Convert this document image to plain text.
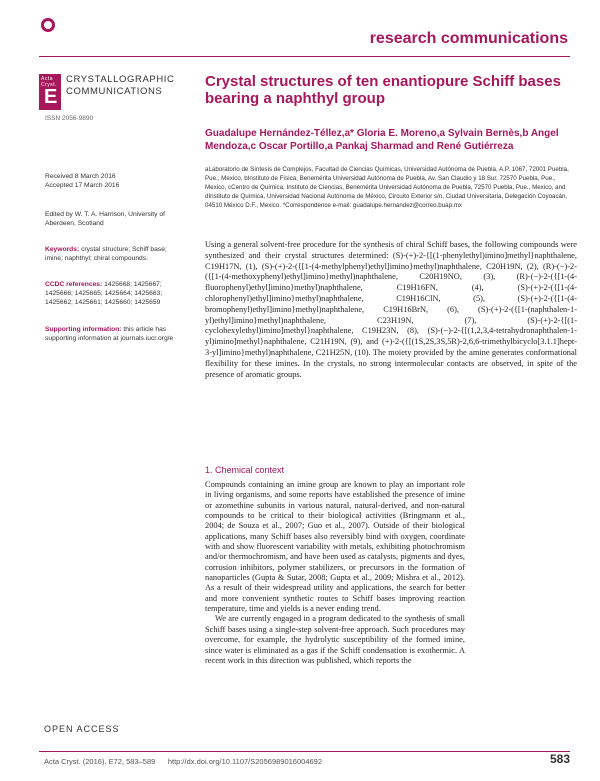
research communications
Acta Cryst.
E
CRYSTALLOGRAPHIC
COMMUNICATIONS
ISSN 2056-9890
Crystal structures of ten enantiopure Schiff bases bearing a naphthyl group
Guadalupe Hernández-Téllez,a* Gloria E. Moreno,a Sylvain Bernès,b Angel Mendoza,c Oscar Portillo,a Pankaj Sharmad and René Gutiérreza
aLaboratorio de Síntesis de Complejos, Facultad de Ciencias Químicas, Universidad Autónoma de Puebla, A.P. 1067, 72001 Puebla, Pue., Mexico, bInstituto de Física, Benemérita Universidad Autónoma de Puebla, Av. San Claudio y 18 Sur, 72570 Puebla, Pue., Mexico, cCentro de Química, Instituto de Ciencias, Benemérita Universidad Autónoma de Puebla, 72570 Puebla, Pue., Mexico, and dInstituto de Química, Universidad Nacional Autónoma de México, Circuito Exterior s/n, Ciudad Universitaria, Delegación Coyoacán, 04510 México D.F., Mexico. *Correspondence e-mail: guadalupe.hernandez@correo.buap.mx
Received 8 March 2016
Accepted 17 March 2016
Edited by W. T. A. Harrison, University of Aberdeen, Scotland
Keywords: crystal structure; Schiff base; imine; naphthyl; chiral compounds.
CCDC references: 1425668; 1425667; 1425666; 1425665; 1425664; 1425663; 1425662; 1425661; 1425660; 1425659
Supporting information: this article has supporting information at journals.iucr.org/e
Using a general solvent-free procedure for the synthesis of chiral Schiff bases, the following compounds were synthesized and their crystal structures determined: (S)-(+)-2-{[(1-phenylethyl)imino]methyl}naphthalene, C19H17N, (1), (S)-(+)-2-({[1-(4-methylphenyl)ethyl]imino}methyl)naphthalene, C20H19N, (2), (R)-(−)-2-({[1-(4-methoxyphenyl)ethyl]imino}methyl)naphthalene, C20H19NO, (3), (R)-(−)-2-({[1-(4-fluorophenyl)ethyl]imino}methyl)naphthalene, C19H16FN, (4), (S)-(+)-2-({[1-(4-chlorophenyl)ethyl]imino}methyl)naphthalene, C19H16ClN, (5), (S)-(+)-2-({[1-(4-bromophenyl)ethyl]imino}methyl)naphthalene, C19H16BrN, (6), (S)-(+)-2-({[1-(naphthalen-1-yl)ethyl]imino}methyl)naphthalene, C23H19N, (7), (S)-(+)-2-{[(1-cyclohexylethyl)imino]methyl}naphthalene, C19H23N, (8), (S)-(−)-2-{[(1,2,3,4-tetrahydronaphthalen-1-yl)imino]methyl}naphthalene, C21H19N, (9), and (+)-2-({[(1S,2S,3S,5R)-2,6,6-trimethylbicyclo[3.1.1]hept-3-yl]imino}methyl)naphthalene, C21H25N, (10). The moiety provided by the amine generates conformational flexibility for these imines. In the crystals, no strong intermolecular contacts are observed, in spite of the presence of aromatic groups.
1. Chemical context

Compounds containing an imine group are known to play an important role in living organisms, and some reports have established the presence of imine or azomethine subunits in various natural, natural-derived, and non-natural compounds to be critical to their biological activities (Bringmann et al., 2004; de Souza et al., 2007; Guo et al., 2007). Outside of their biological applications, many Schiff bases also reversibly bind with oxygen, coordinate with and show fluorescent variability with metals, exhibiting photochromism and/or thermochromism, and have been used as catalysts, pigments and dyes, corrosion inhibitors, polymer stabilizers, or precursors in the formation of nanoparticles (Gupta & Sutar, 2008; Gupta et al., 2009; Mishra et al., 2012). As a result of their widespread utility and applications, the search for better and more convenient synthetic routes to Schiff bases improving reaction temperature, time and yields is a never ending trend.

We are currently engaged in a program dedicated to the synthesis of small Schiff bases using a single-step solvent-free approach. Such procedures may overcome, for example, the hydrolytic susceptibility of the formed imine, since water is eliminated as a gas if the Schiff condensation is exothermic. A recent work in this direction was published, which reports the

OPEN ACCESS
Acta Cryst. (2016). E72, 583–589 http://dx.doi.org/10.1107/S2056989016004692	583
